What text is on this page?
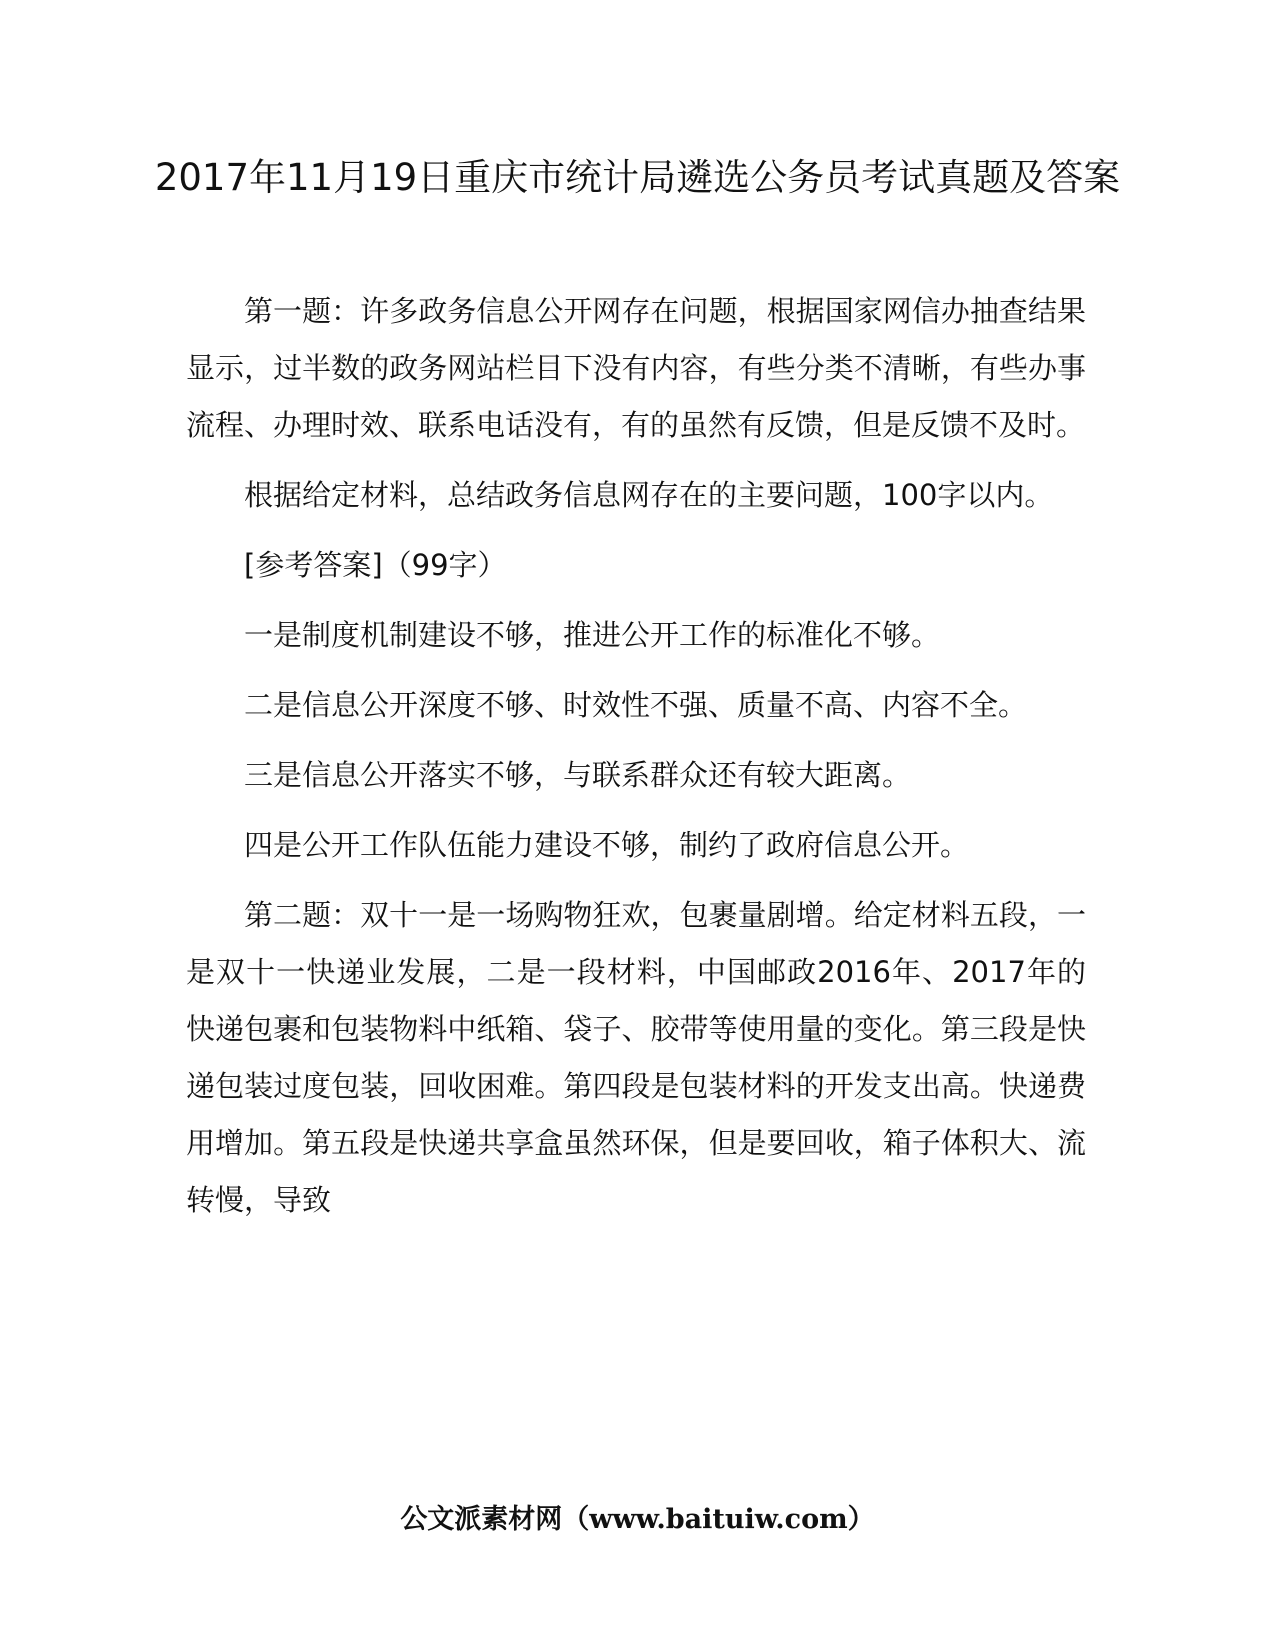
2017年11月19日重庆市统计局遴选公务员考试真题及答案

第一题：许多政务信息公开网存在问题，根据国家网信办抽查结果显示，过半数的政务网站栏目下没有内容，有些分类不清晰，有些办事流程、办理时效、联系电话没有，有的虽然有反馈，但是反馈不及时。

根据给定材料，总结政务信息网存在的主要问题，100字以内。

[参考答案]（99字）

一是制度机制建设不够，推进公开工作的标准化不够。

二是信息公开深度不够、时效性不强、质量不高、内容不全。

三是信息公开落实不够，与联系群众还有较大距离。

四是公开工作队伍能力建设不够，制约了政府信息公开。

第二题：双十一是一场购物狂欢，包裹量剧增。给定材料五段，一是双十一快递业发展，二是一段材料，中国邮政2016年、2017年的快递包裹和包装物料中纸箱、袋子、胶带等使用量的变化。第三段是快递包装过度包装，回收困难。第四段是包装材料的开发支出高。快递费用增加。第五段是快递共享盒虽然环保，但是要回收，箱子体积大、流转慢，导致

公文派素材网（www.baituiw.com）
